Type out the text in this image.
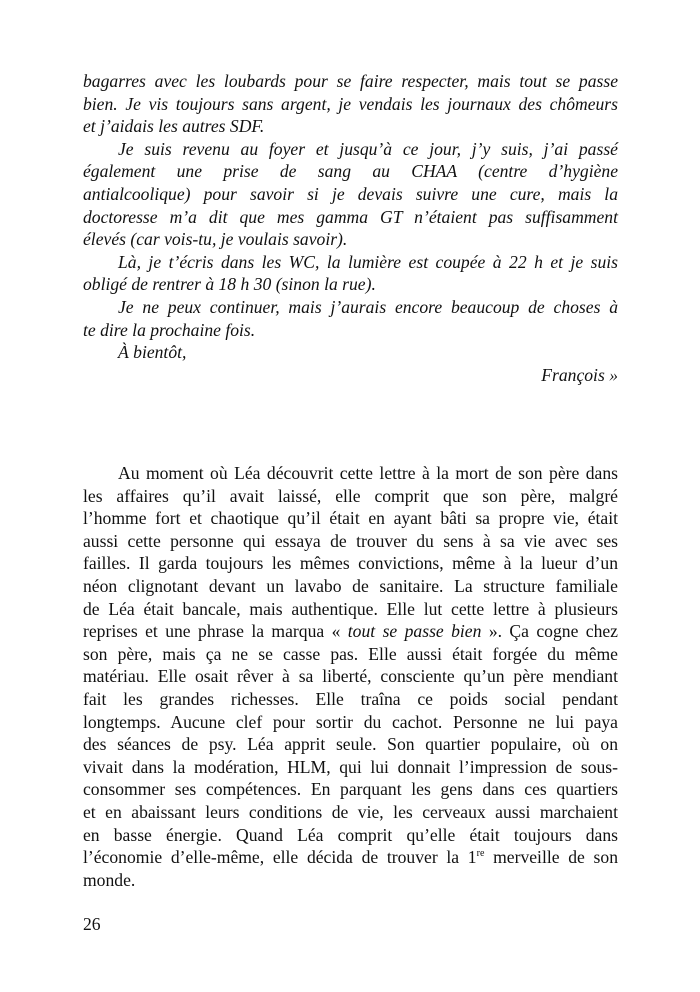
bagarres avec les loubards pour se faire respecter, mais tout se passe
bien. Je vis toujours sans argent, je vendais les journaux des chômeurs
et j’aidais les autres SDF.
Je suis revenu au foyer et jusqu’à ce jour, j’y suis, j’ai passé
également une prise de sang au CHAA (centre d’hygiène
antialcoolique) pour savoir si je devais suivre une cure, mais la
doctoresse m’a dit que mes gamma GT n’étaient pas suffisamment
élevés (car vois-tu, je voulais savoir).
Là, je t’écris dans les WC, la lumière est coupée à 22 h et je suis
obligé de rentrer à 18 h 30 (sinon la rue).
Je ne peux continuer, mais j’aurais encore beaucoup de choses à
te dire la prochaine fois.
À bientôt,
François »
Au moment où Léa découvrit cette lettre à la mort de son père dans
les affaires qu’il avait laissé, elle comprit que son père, malgré
l’homme fort et chaotique qu’il était en ayant bâti sa propre vie, était
aussi cette personne qui essaya de trouver du sens à sa vie avec ses
failles. Il garda toujours les mêmes convictions, même à la lueur d’un
néon clignotant devant un lavabo de sanitaire. La structure familiale
de Léa était bancale, mais authentique. Elle lut cette lettre à plusieurs
reprises et une phrase la marqua « tout se passe bien ». Ça cogne chez
son père, mais ça ne se casse pas. Elle aussi était forgée du même
matériau. Elle osait rêver à sa liberté, consciente qu’un père mendiant
fait les grandes richesses. Elle traîna ce poids social pendant
longtemps. Aucune clef pour sortir du cachot. Personne ne lui paya
des séances de psy. Léa apprit seule. Son quartier populaire, où on
vivait dans la modération, HLM, qui lui donnait l’impression de sous-
consommer ses compétences. En parquant les gens dans ces quartiers
et en abaissant leurs conditions de vie, les cerveaux aussi marchaient
en basse énergie. Quand Léa comprit qu’elle était toujours dans
l’économie d’elle-même, elle décida de trouver la 1re merveille de son
monde.
26
